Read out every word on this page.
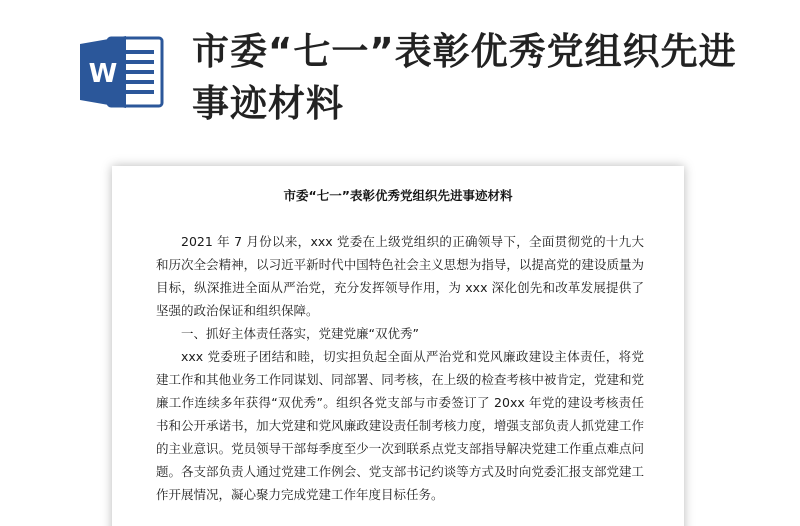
W
市委“七一”表彰优秀党组织先进事迹材料
市委“七一”表彰优秀党组织先进事迹材料

2021 年 7 月份以来，xxx 党委在上级党组织的正确领导下，全面贯彻党的十九大和历次全会精神，以习近平新时代中国特色社会主义思想为指导，以提高党的建设质量为目标，纵深推进全面从严治党，充分发挥领导作用，为 xxx 深化创先和改革发展提供了坚强的政治保证和组织保障。

一、抓好主体责任落实，党建党廉“双优秀”

xxx 党委班子团结和睦，切实担负起全面从严治党和党风廉政建设主体责任，将党建工作和其他业务工作同谋划、同部署、同考核，在上级的检查考核中被肯定，党建和党廉工作连续多年获得“双优秀”。组织各党支部与市委签订了 20xx 年党的建设考核责任书和公开承诺书，加大党建和党风廉政建设责任制考核力度，增强支部负责人抓党建工作的主业意识。党员领导干部每季度至少一次到联系点党支部指导解决党建工作重点难点问题。各支部负责人通过党建工作例会、党支部书记约谈等方式及时向党委汇报支部党建工作开展情况，凝心聚力完成党建工作年度目标任务。
